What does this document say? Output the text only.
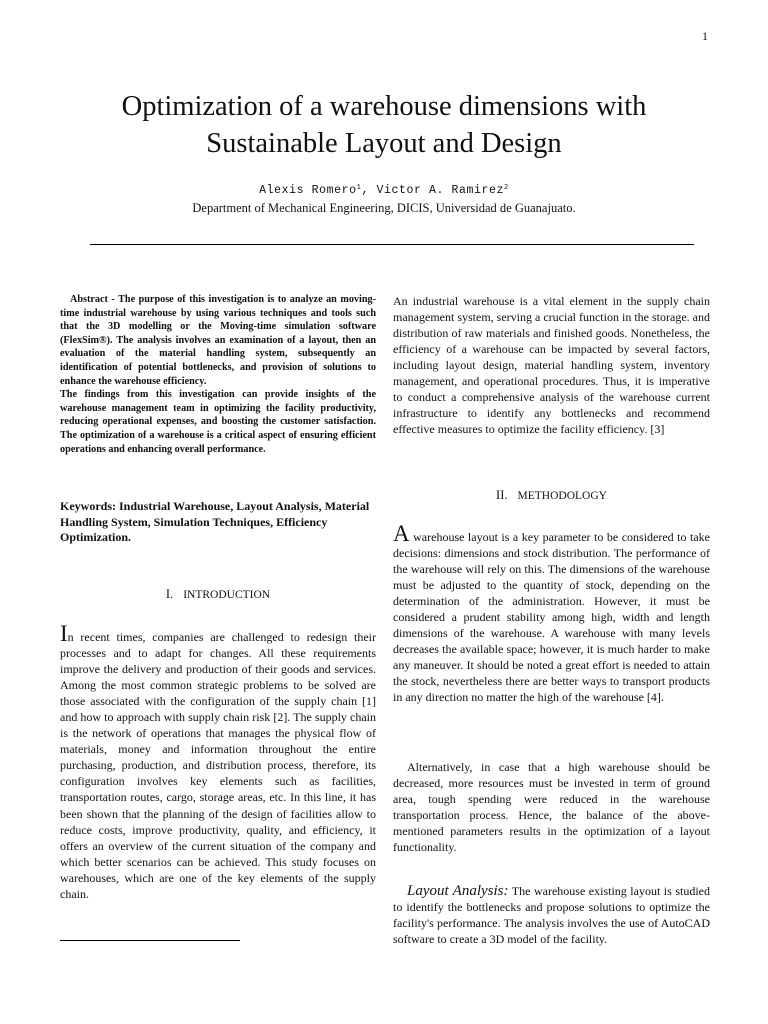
1
Optimization of a warehouse dimensions with
Sustainable Layout and Design
Alexis Romero$^1$, Victor A. Ramirez$^2$
Department of Mechanical Engineering, DICIS, Universidad de Guanajuato.

Abstract - The purpose of this investigation is to analyze an moving-time industrial warehouse by using various techniques and tools such that the 3D modelling or the Moving-time simulation software (FlexSim®). The analysis involves an examination of a layout, then an evaluation of the material handling system, subsequently an identification of potential bottlenecks, and provision of solutions to enhance the warehouse efficiency.

The findings from this investigation can provide insights of the warehouse management team in optimizing the facility productivity, reducing operational expenses, and boosting the customer satisfaction. The optimization of a warehouse is a critical aspect of ensuring efficient operations and enhancing overall performance.

Keywords: Industrial Warehouse, Layout Analysis, Material Handling System, Simulation Techniques, Efficiency Optimization.

I. INTRODUCTION

In recent times, companies are challenged to redesign their processes and to adapt for changes. All these requirements improve the delivery and production of their goods and services. Among the most common strategic problems to be solved are those associated with the configuration of the supply chain [1] and how to approach with supply chain risk [2]. The supply chain is the network of operations that manages the physical flow of materials, money and information throughout the entire purchasing, production, and distribution process, therefore, its configuration involves key elements such as facilities, transportation routes, cargo, storage areas, etc. In this line, it has been shown that the planning of the design of facilities allow to reduce costs, improve productivity, quality, and efficiency, it offers an overview of the current situation of the company and which better scenarios can be achieved. This study focuses on warehouses, which are one of the key elements of the supply chain.

An industrial warehouse is a vital element in the supply chain management system, serving a crucial function in the storage. and distribution of raw materials and finished goods. Nonetheless, the efficiency of a warehouse can be impacted by several factors, including layout design, material handling system, inventory management, and operational procedures. Thus, it is imperative to conduct a comprehensive analysis of the warehouse current infrastructure to identify any bottlenecks and recommend effective measures to optimize the facility efficiency. [3]

II. METHODOLOGY

A warehouse layout is a key parameter to be considered to take decisions: dimensions and stock distribution. The performance of the warehouse will rely on this. The dimensions of the warehouse must be adjusted to the quantity of stock, depending on the determination of the administration. However, it must be considered a prudent stability among high, width and length dimensions of the warehouse. A warehouse with many levels decreases the available space; however, it is much harder to make any maneuver. It should be noted a great effort is needed to attain the stock, nevertheless there are better ways to transport products in any direction no matter the high of the warehouse [4].

Alternatively, in case that a high warehouse should be decreased, more resources must be invested in term of ground area, tough spending were reduced in the warehouse transportation process. Hence, the balance of the above-mentioned parameters results in the optimization of a layout functionality.

Layout Analysis: The warehouse existing layout is studied to identify the bottlenecks and propose solutions to optimize the facility's performance. The analysis involves the use of AutoCAD software to create a 3D model of the facility.
